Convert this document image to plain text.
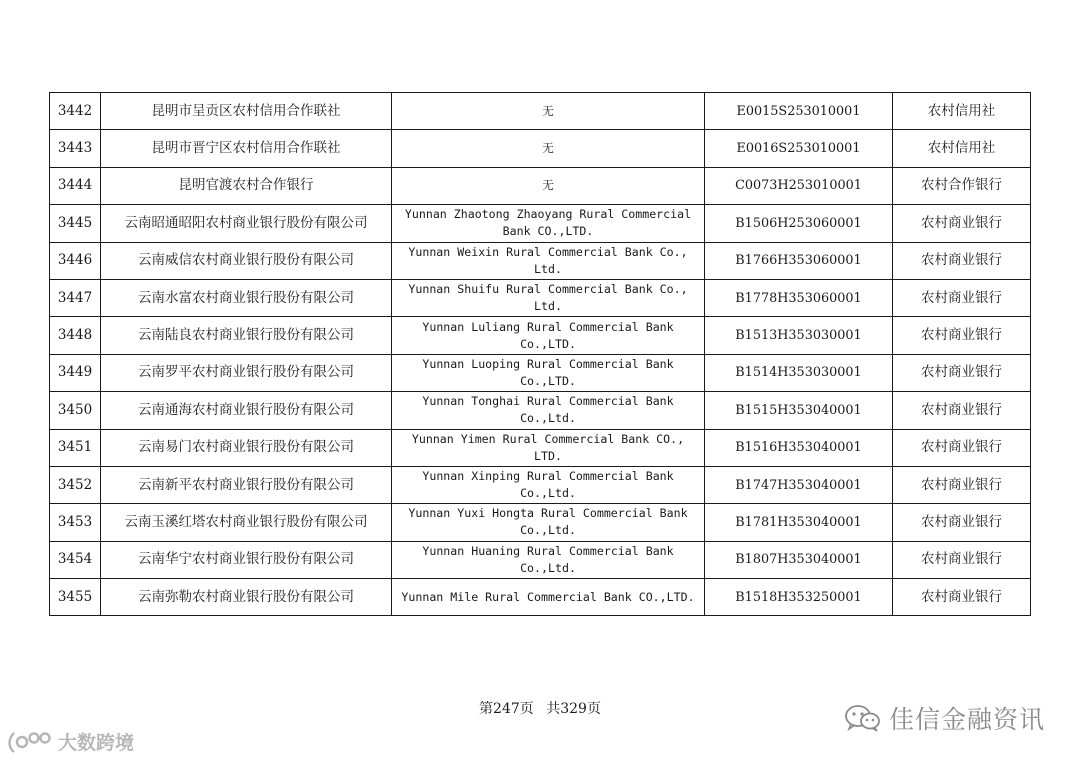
3442	昆明市呈贡区农村信用合作联社	无	E0015S253010001	农村信用社
3443	昆明市晋宁区农村信用合作联社	无	E0016S253010001	农村信用社
3444	昆明官渡农村合作银行	无	C0073H253010001	农村合作银行
3445	云南昭通昭阳农村商业银行股份有限公司	Yunnan Zhaotong Zhaoyang Rural Commercial Bank CO.,LTD.	B1506H253060001	农村商业银行
3446	云南威信农村商业银行股份有限公司	Yunnan Weixin Rural Commercial Bank Co., Ltd.	B1766H353060001	农村商业银行
3447	云南水富农村商业银行股份有限公司	Yunnan Shuifu Rural Commercial Bank Co., Ltd.	B1778H353060001	农村商业银行
3448	云南陆良农村商业银行股份有限公司	Yunnan Luliang Rural Commercial Bank Co.,LTD.	B1513H353030001	农村商业银行
3449	云南罗平农村商业银行股份有限公司	Yunnan Luoping Rural Commercial Bank Co.,LTD.	B1514H353030001	农村商业银行
3450	云南通海农村商业银行股份有限公司	Yunnan Tonghai Rural Commercial Bank Co.,Ltd.	B1515H353040001	农村商业银行
3451	云南易门农村商业银行股份有限公司	Yunnan Yimen Rural Commercial Bank CO., LTD.	B1516H353040001	农村商业银行
3452	云南新平农村商业银行股份有限公司	Yunnan Xinping Rural Commercial Bank Co.,Ltd.	B1747H353040001	农村商业银行
3453	云南玉溪红塔农村商业银行股份有限公司	Yunnan Yuxi Hongta Rural Commercial Bank Co.,Ltd.	B1781H353040001	农村商业银行
3454	云南华宁农村商业银行股份有限公司	Yunnan Huaning Rural Commercial Bank Co.,Ltd.	B1807H353040001	农村商业银行
3455	云南弥勒农村商业银行股份有限公司	Yunnan Mile Rural Commercial Bank CO.,LTD.	B1518H353250001	农村商业银行
第247页 共329页	佳信金融资讯
大数跨境
